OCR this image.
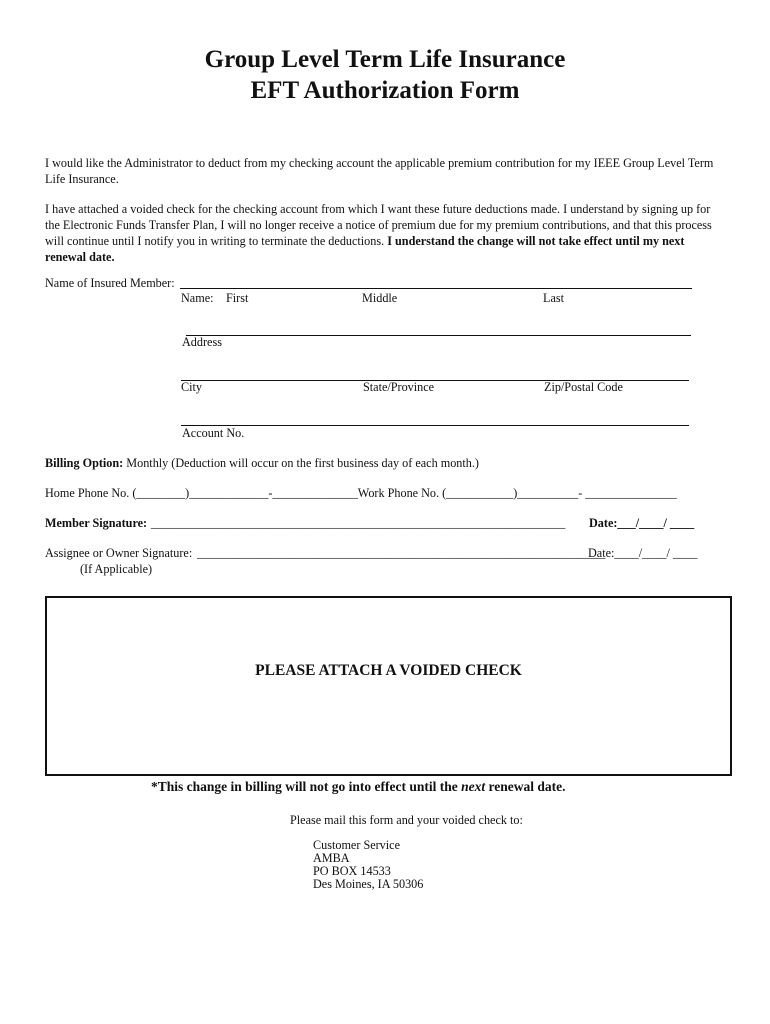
Group Level Term Life Insurance
EFT Authorization Form
I would like the Administrator to deduct from my checking account the applicable premium contribution for my IEEE Group Level Term Life Insurance.
I have attached a voided check for the checking account from which I want these future deductions made. I understand by signing up for the Electronic Funds Transfer Plan, I will no longer receive a notice of premium due for my premium contributions, and that this process will continue until I notify you in writing to terminate the deductions. I understand the change will not take effect until my next renewal date.
Name of Insured Member:
Name: First	Middle	Last
Address
City	State/Province	Zip/Postal Code
Account No.
Billing Option: Monthly (Deduction will occur on the first business day of each month.)
Home Phone No. (________)_____________-______________Work Phone No. (___________)__________- _______________
Member Signature: ____________________________________________________________________ Date:___/____/ ____
Assignee or Owner Signature: ___________________________________________________________________
Date:____/____/ ____
(If Applicable)
PLEASE ATTACH A VOIDED CHECK
*This change in billing will not go into effect until the next renewal date.
Please mail this form and your voided check to:
Customer Service
AMBA
PO BOX 14533
Des Moines, IA 50306
